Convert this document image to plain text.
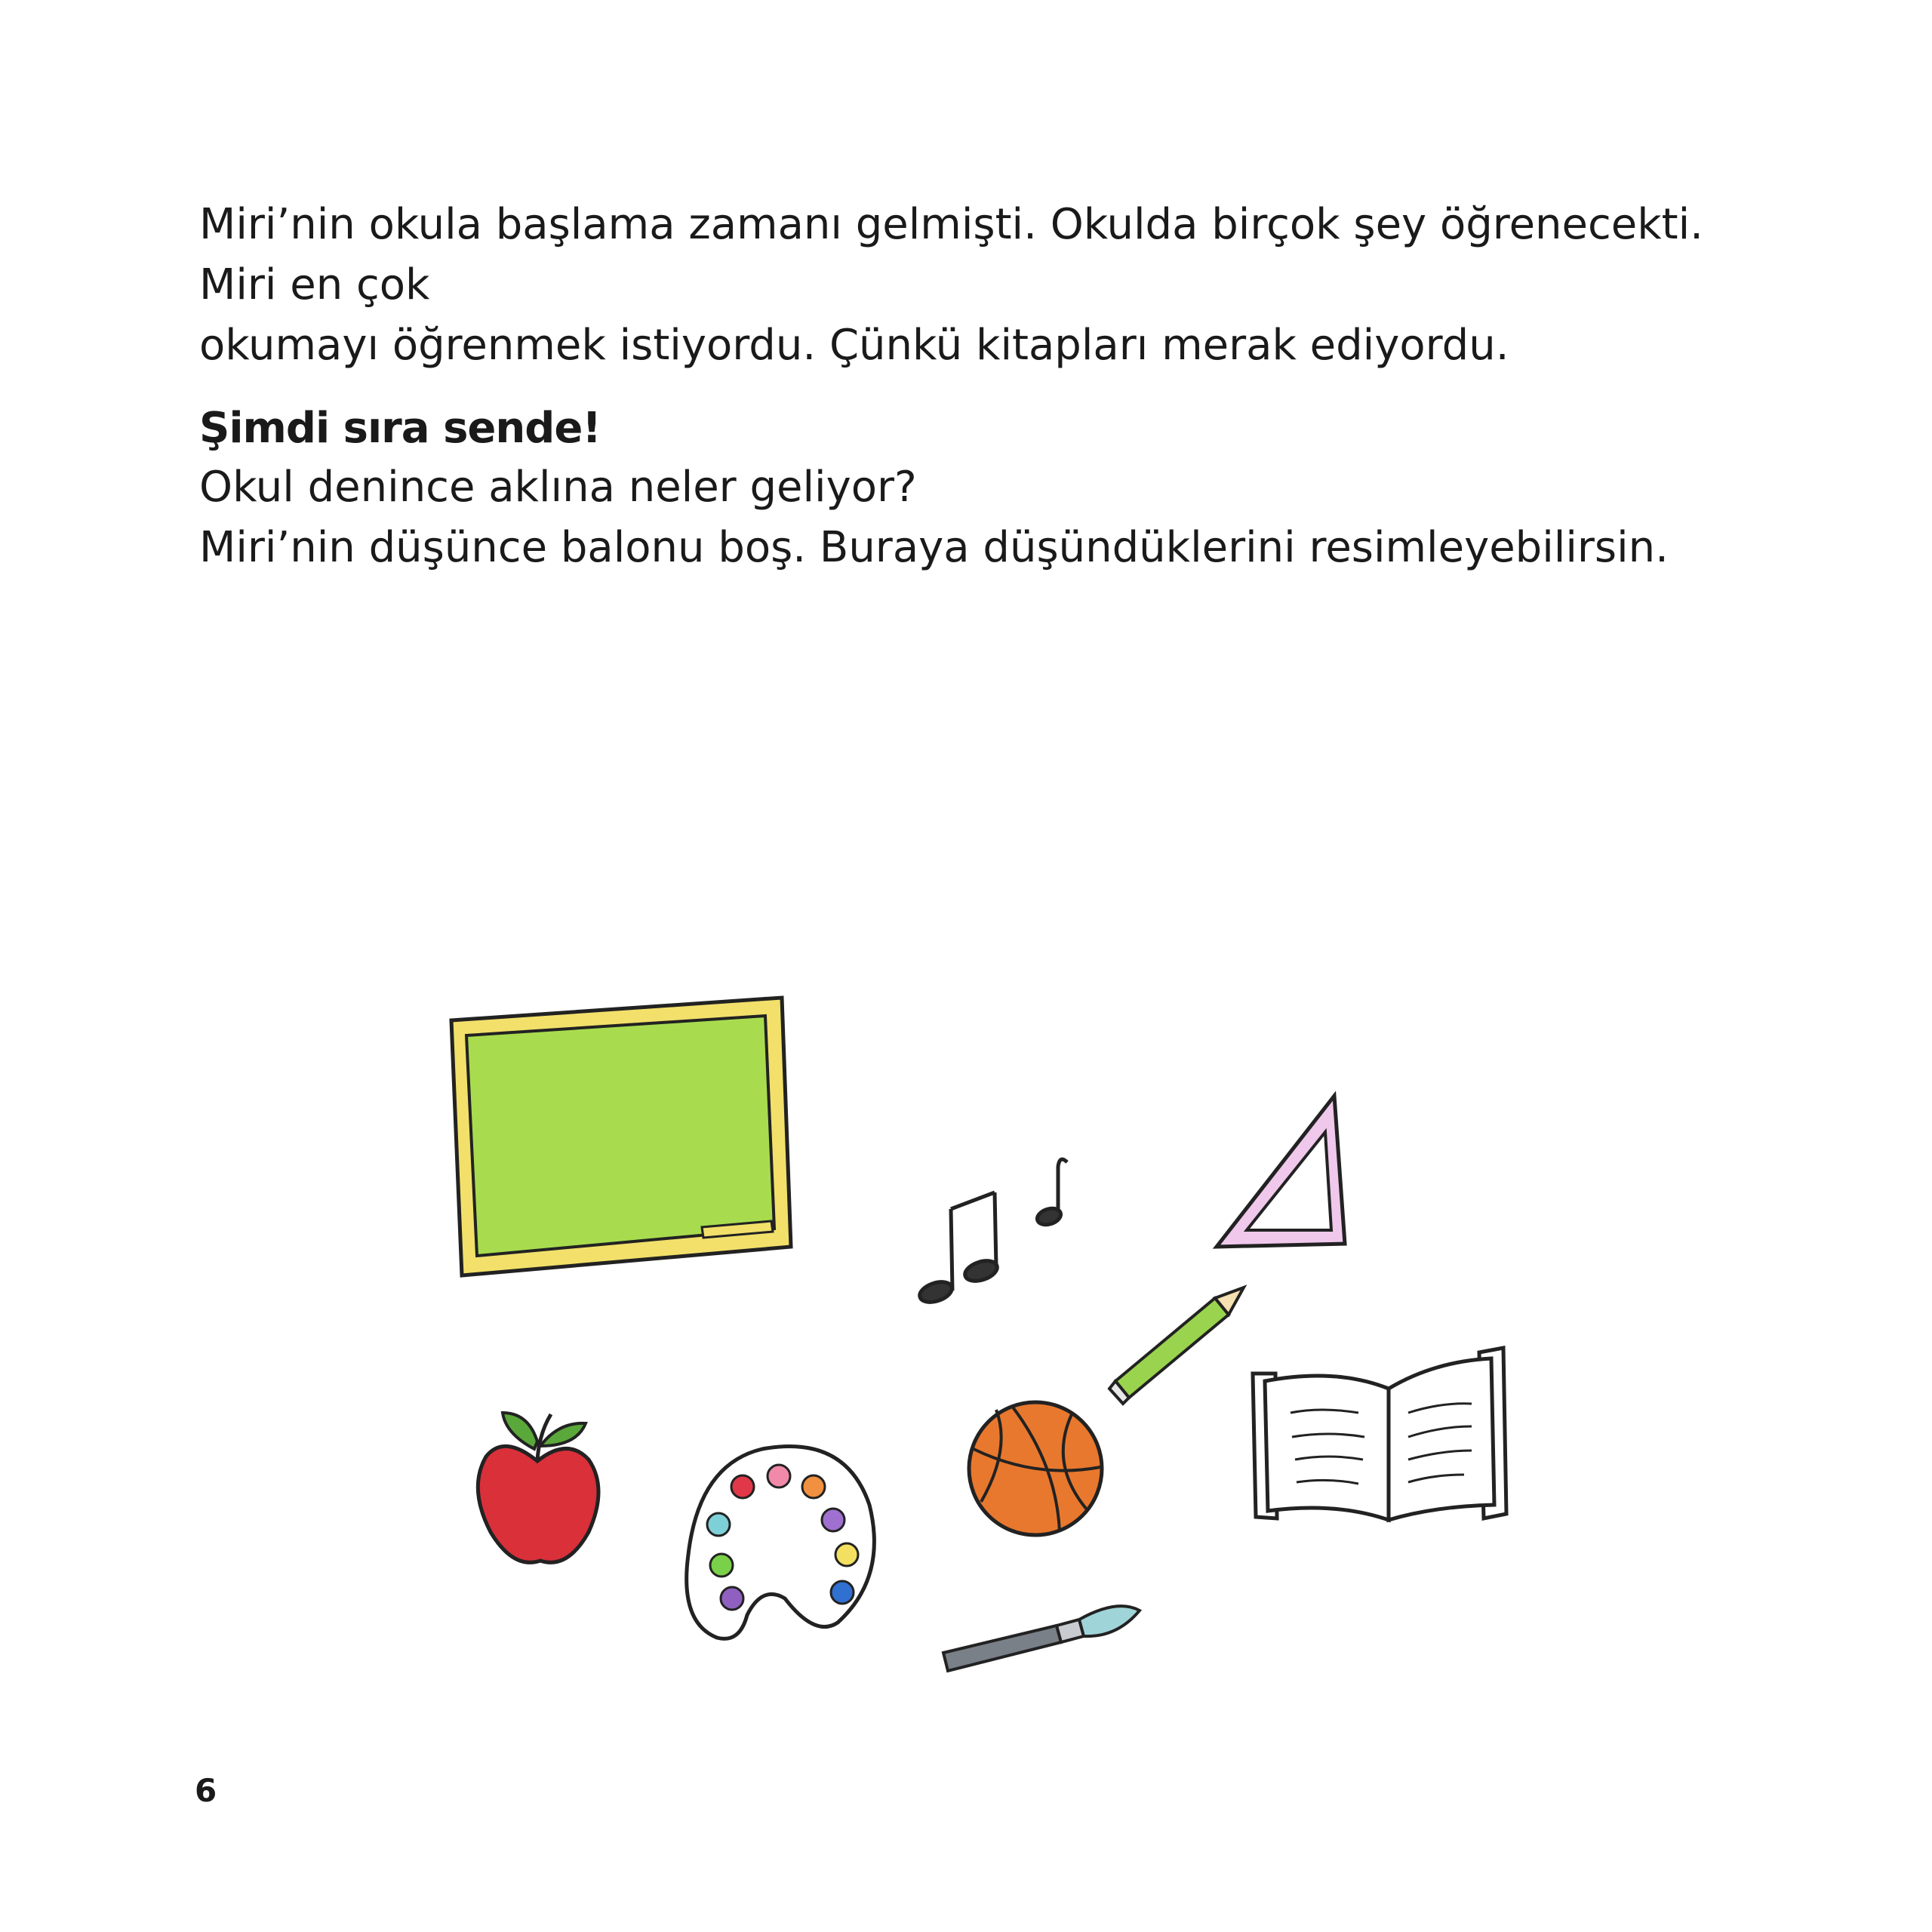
Miri’nin okula başlama zamanı gelmişti. Okulda birçok şey öğrenecekti. Miri en çok
okumayı öğrenmek istiyordu. Çünkü kitapları merak ediyordu.
Şimdi sıra sende!
Okul denince aklına neler geliyor?
Miri’nin düşünce balonu boş. Buraya düşündüklerini resimleyebilirsin.
6
